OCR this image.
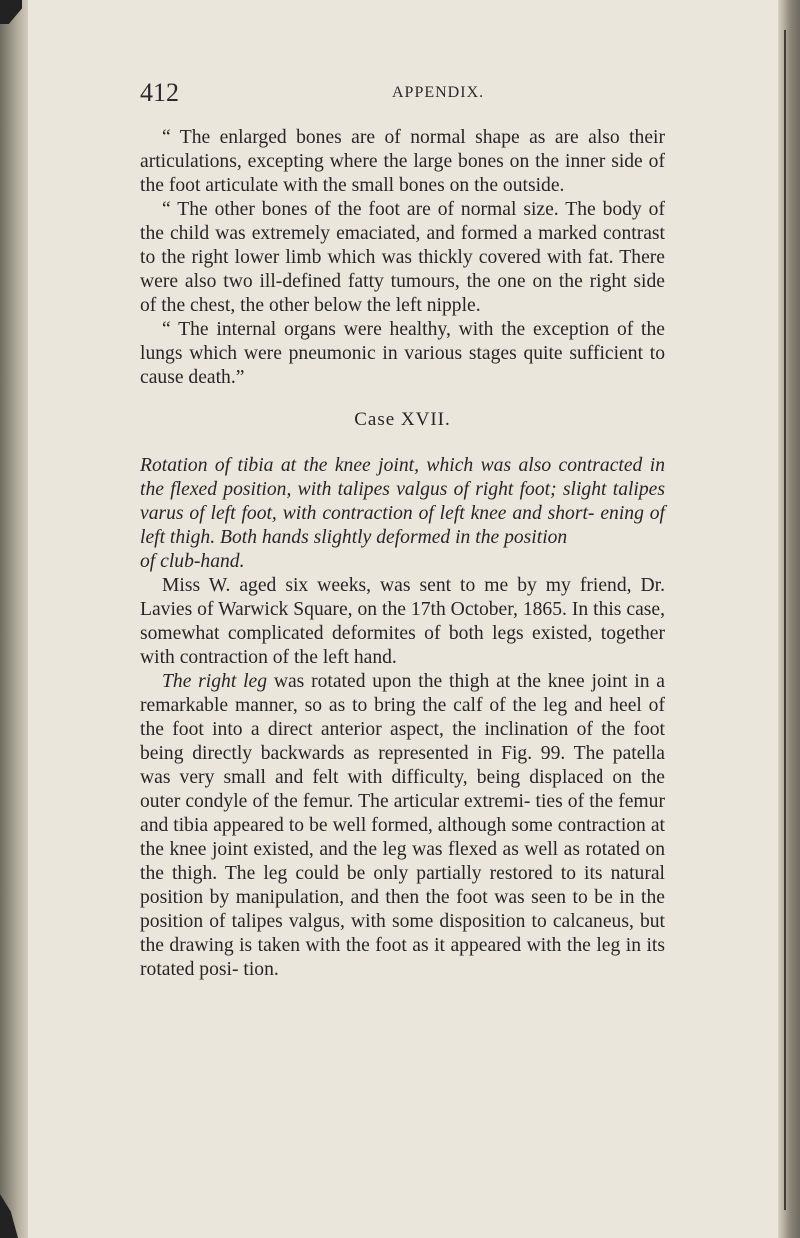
412	APPENDIX.

“ The enlarged bones are of normal shape as are also their articulations, excepting where the large bones on the inner side of the foot articulate with the small bones on the outside.

“ The other bones of the foot are of normal size. The body of the child was extremely emaciated, and formed a marked contrast to the right lower limb which was thickly covered with fat. There were also two ill-defined fatty tumours, the one on the right side of the chest, the other below the left nipple.

“ The internal organs were healthy, with the exception of the lungs which were pneumonic in various stages quite sufficient to cause death.”

Case XVII.

Rotation of tibia at the knee joint, which was also contracted in the flexed position, with talipes valgus of right foot; slight talipes varus of left foot, with contraction of left knee and short- ening of left thigh. Both hands slightly deformed in the position

of club-hand.

Miss W. aged six weeks, was sent to me by my friend, Dr. Lavies of Warwick Square, on the 17th October, 1865. In this case, somewhat complicated deformites of both legs existed, together with contraction of the left hand.

The right leg was rotated upon the thigh at the knee joint in a remarkable manner, so as to bring the calf of the leg and heel of the foot into a direct anterior aspect, the inclination of the foot being directly backwards as represented in Fig. 99. The patella was very small and felt with difficulty, being displaced on the outer condyle of the femur. The articular extremi- ties of the femur and tibia appeared to be well formed, although some contraction at the knee joint existed, and the leg was flexed as well as rotated on the thigh. The leg could be only partially restored to its natural position by manipulation, and then the foot was seen to be in the position of talipes valgus, with some disposition to calcaneus, but the drawing is taken with the foot as it appeared with the leg in its rotated posi- tion.
